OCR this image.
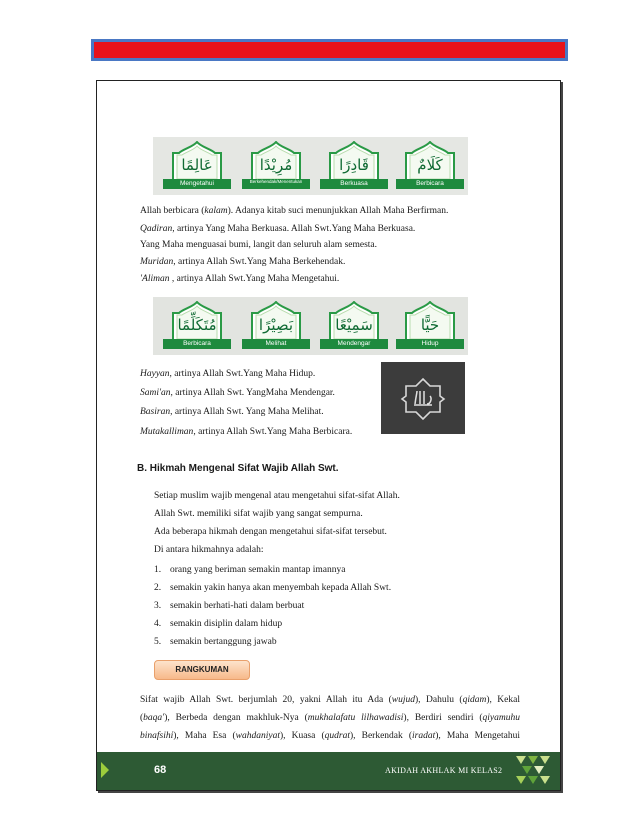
عَالِمًا
Mengetahui
مُرِيْدًا
Berkehendak/Menentukan
قَادِرًا
Berkuasa
كَلَامٌ
Berbicara
Allah berbicara (kalam). Adanya kitab suci menunjukkan Allah Maha Berfirman.
Qadiran, artinya Yang Maha Berkuasa. Allah Swt.Yang Maha Berkuasa.
Yang Maha menguasai bumi, langit dan seluruh alam semesta.
Muridan, artinya Allah Swt.Yang Maha Berkehendak.
'Aliman , artinya Allah Swt.Yang Maha Mengetahui.
مُتَكَلِّمًا
Berbicara
بَصِيْرًا
Melihat
سَمِيْعًا
Mendengar
حَيًّا
Hidup
Hayyan, artinya Allah Swt.Yang Maha Hidup.
Sami'an, artinya Allah Swt. YangMaha Mendengar.
Basiran, artinya Allah Swt. Yang Maha Melihat.
Mutakalliman, artinya Allah Swt.Yang Maha Berbicara.
B. Hikmah Mengenal Sifat Wajib Allah Swt.
Setiap muslim wajib mengenal atau mengetahui sifat-sifat Allah.
Allah Swt. memiliki sifat wajib yang sangat sempurna.
Ada beberapa hikmah dengan mengetahui sifat-sifat tersebut.
Di antara hikmahnya adalah:
1. orang yang beriman semakin mantap imannya
2. semakin yakin hanya akan menyembah kepada Allah Swt.
3. semakin berhati-hati dalam berbuat
4. semakin disiplin dalam hidup
5. semakin bertanggung jawab
RANGKUMAN
Sifat wajib Allah Swt. berjumlah 20, yakni Allah itu Ada (wujud), Dahulu (qidam), Kekal
(baqa'), Berbeda dengan makhluk-Nya (mukhalafatu lilhawadisi), Berdiri sendiri (qiyamuhu
binafsihi), Maha Esa (wahdaniyat), Kuasa (qudrat), Berkendak (iradat), Maha Mengetahui
68	AKIDAH AKHLAK MI KELAS2
